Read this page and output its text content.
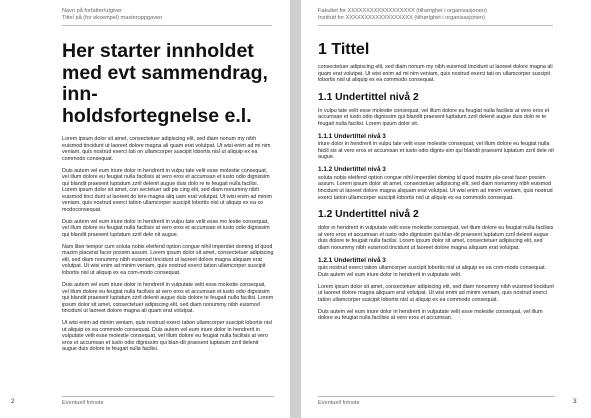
Navn på forfatter/utgiver
Tittel på (for eksempel) masteroppgaven
Her starter innholdet
med evt sammendrag, inn-
holdsfortegnelse e.l.

Lorem ipsum dolor sit amet, consectetuer adipiscing elit, sed diam nonum my nibh euismod tincidunt ut laoreet dolore magna ali quam erat volutpat. Ut wisi enim ad mi nim veniam, quis nostrud exerci tati on ullamcorper suscipit lobortis nisl ut aliquip ex ea commodo consequat.

Duis autem vel eum iriure dolor in hendrerit in vulpu tate velit esse molestie consequat, vel illum dolore eu feugiat nulla facilisis at vero eros et accumsan et iusto odio dignissim qui blandit praesent luptatum zzril delenit augue duis dolo re te feugait nulla facilisi. Lorem ipsum dolor sit amet, con sectetuer adi pis cing elit, sed diam nonummy nibh euismod tinci dunt ut laoreet do lore magna aliq uam erat volutpat. Ut wisi enim ad minim veniam, quis nostrud exerci tation ullamcorper suscipit lobortis nisl ut aliquip ex ea co modoconsequat.

Duis autem vel eum iriure dolor in hendrerit in vulpu tate velit esse mo lestie consequat, vel illum dolore eu feugiat nulla facilisis at vero eros et accumsan et iusto odio dignissim qui blandit praesent luptatum zzril dele nit augue.

Nam liber tempor cum soluta nobis eleifend option congue nihil imperdiet doming id quod mazim placerat facer possim assum. Lorem ipsum dolor sit amet, consectetuer adipiscing elit, sed diam nonummy nibh euismod tincidunt ut laoreet dolore magna aliquam erat volutpat. Ut wisi enim ad minim veniam, quis nostrud exerci tation ullamcorper suscipit lobortis nisl ut aliquip ex ea com-modo consequat.

Duis autem vel eum iriure dolor in hendrerit in vulputate velit esse molestie consequat, vel illum dolore eu feugiat nulla facilisis at vero eros et accumsan et iusto odio dignissim qui blandit praesent luptatum zzril delenit augue duis dolore te feugait nulla facilisi. Lorem ipsum dolor sit amet, consectetuer adipiscing elit, sed diam nonummy nibh euismod tincidunt ut laoreet dolore magna ali quam erat volutpat.

Ut wisi enim ad minim veniam, quis nostrud exerci tation ullamcorper suscipit lobortis nisl ut aliquip ex ea commodo consequat. Duis autem vel eum iriure dolor in hendrerit in vulputate velit esse molestie consequat, vel illum dolore eu feugiat nulla facilisis at vero eros et accumsan et iusto odio dignissim qui blan-dit praesent luptatum zzril delenit augue duis dolore te feugait nulla facilisi.

Eventuell fotnote
Fakultet for XXXXXXXXXXXXXXXXXX (tilhørighet i organisasjonen)
Institutt for XXXXXXXXXXXXXXXXXX (tilhørighet i organisasjonen)
1 Tittel

consectetuer adipiscing elit, sed diam nonum my nibh euismod tincidunt ut laoreet dolore magna ali quam erat volutpat. Ut wisi enim ad mi nim veniam, quis nostrud exerci tati on ullamcorper suscipit lobortis nisl ut aliquip ex ea commodo consequat.

1.1 Undertittel nivå 2

In vulpu tate velit esse molestie consequat, vel illum dolore eu feugiat nulla facilisis at vero eros et accumsan et iusto odio dignissim qui blandit praesent luptatum zzril delenit augue duis dolo re te feugait nulla facilisi. Lorem ipsum dolor sit.

1.1.1 Undertittel nivå 3

iriure dolor in hendrerit in vulpu tate velit esse molestie consequat, vel illum dolore eu feugiat nulla facili sis at vero eros et accumsan et iusto odio dignis-sim qui blandit praesent luptatum zzril dele nit augue.

1.1.2 Undertittel nivå 3

soluta nobis eleifend option congue nihil imperdiet doming id quod mazim pla-cerat facer possim assum. Lorem ipsum dolor sit amet, consectetuer adipiscing elit, sed diam nonummy nibh euismod tincidunt ut laoreet dolore magna aliquam erat volutpat. Ut wisi enim ad minim veniam, quis nostrud exerci tation ullamcorper suscipit lobortis nisl ut aliquip ex ea commodo consequat.

1.2 Undertittel nivå 2

dolor in hendrerit in vulputate velit esse molestie consequat, vel illum dolore eu feugiat nulla facilisis at vero eros et accumsan et iusto odio dignissim qui blan-dit praesent luptatum zzril delenit augue duis dolore te feugait nulla facilisi. Lorem ipsum dolor sit amet, consectetuer adipiscing elit, sed diam nonummy nibh euismod tincidunt ut laoreet dolore magna aliquam erat volutpat.

1.2.1 Undertittel nivå 3

quis nostrud exerci tation ullamcorper suscipit lobortis nisl ut aliquip ex ea com-modo consequat. Duis autem vel eum iriure dolor in hendrerit in vulputate velit.

Lorem ipsum dolor sit amet, consectetuer adipiscing elit, sed diam nonummy nibh euismod tincidunt ut laoreet dolore magna aliquam erat volutpat. Ut wisi enim ad minim veniam, quis nostrud exerci tation ullamcorper suscipit lobortis nisl ut aliquip ex ea commodo consequat.

Duis autem vel eum iriure dolor in hendrerit in vulputate velit esse molestie consequat, vel illum dolore eu feugiat nulla facilisis at vero eros et accumsan.

Eventuell fotnote
2	3
